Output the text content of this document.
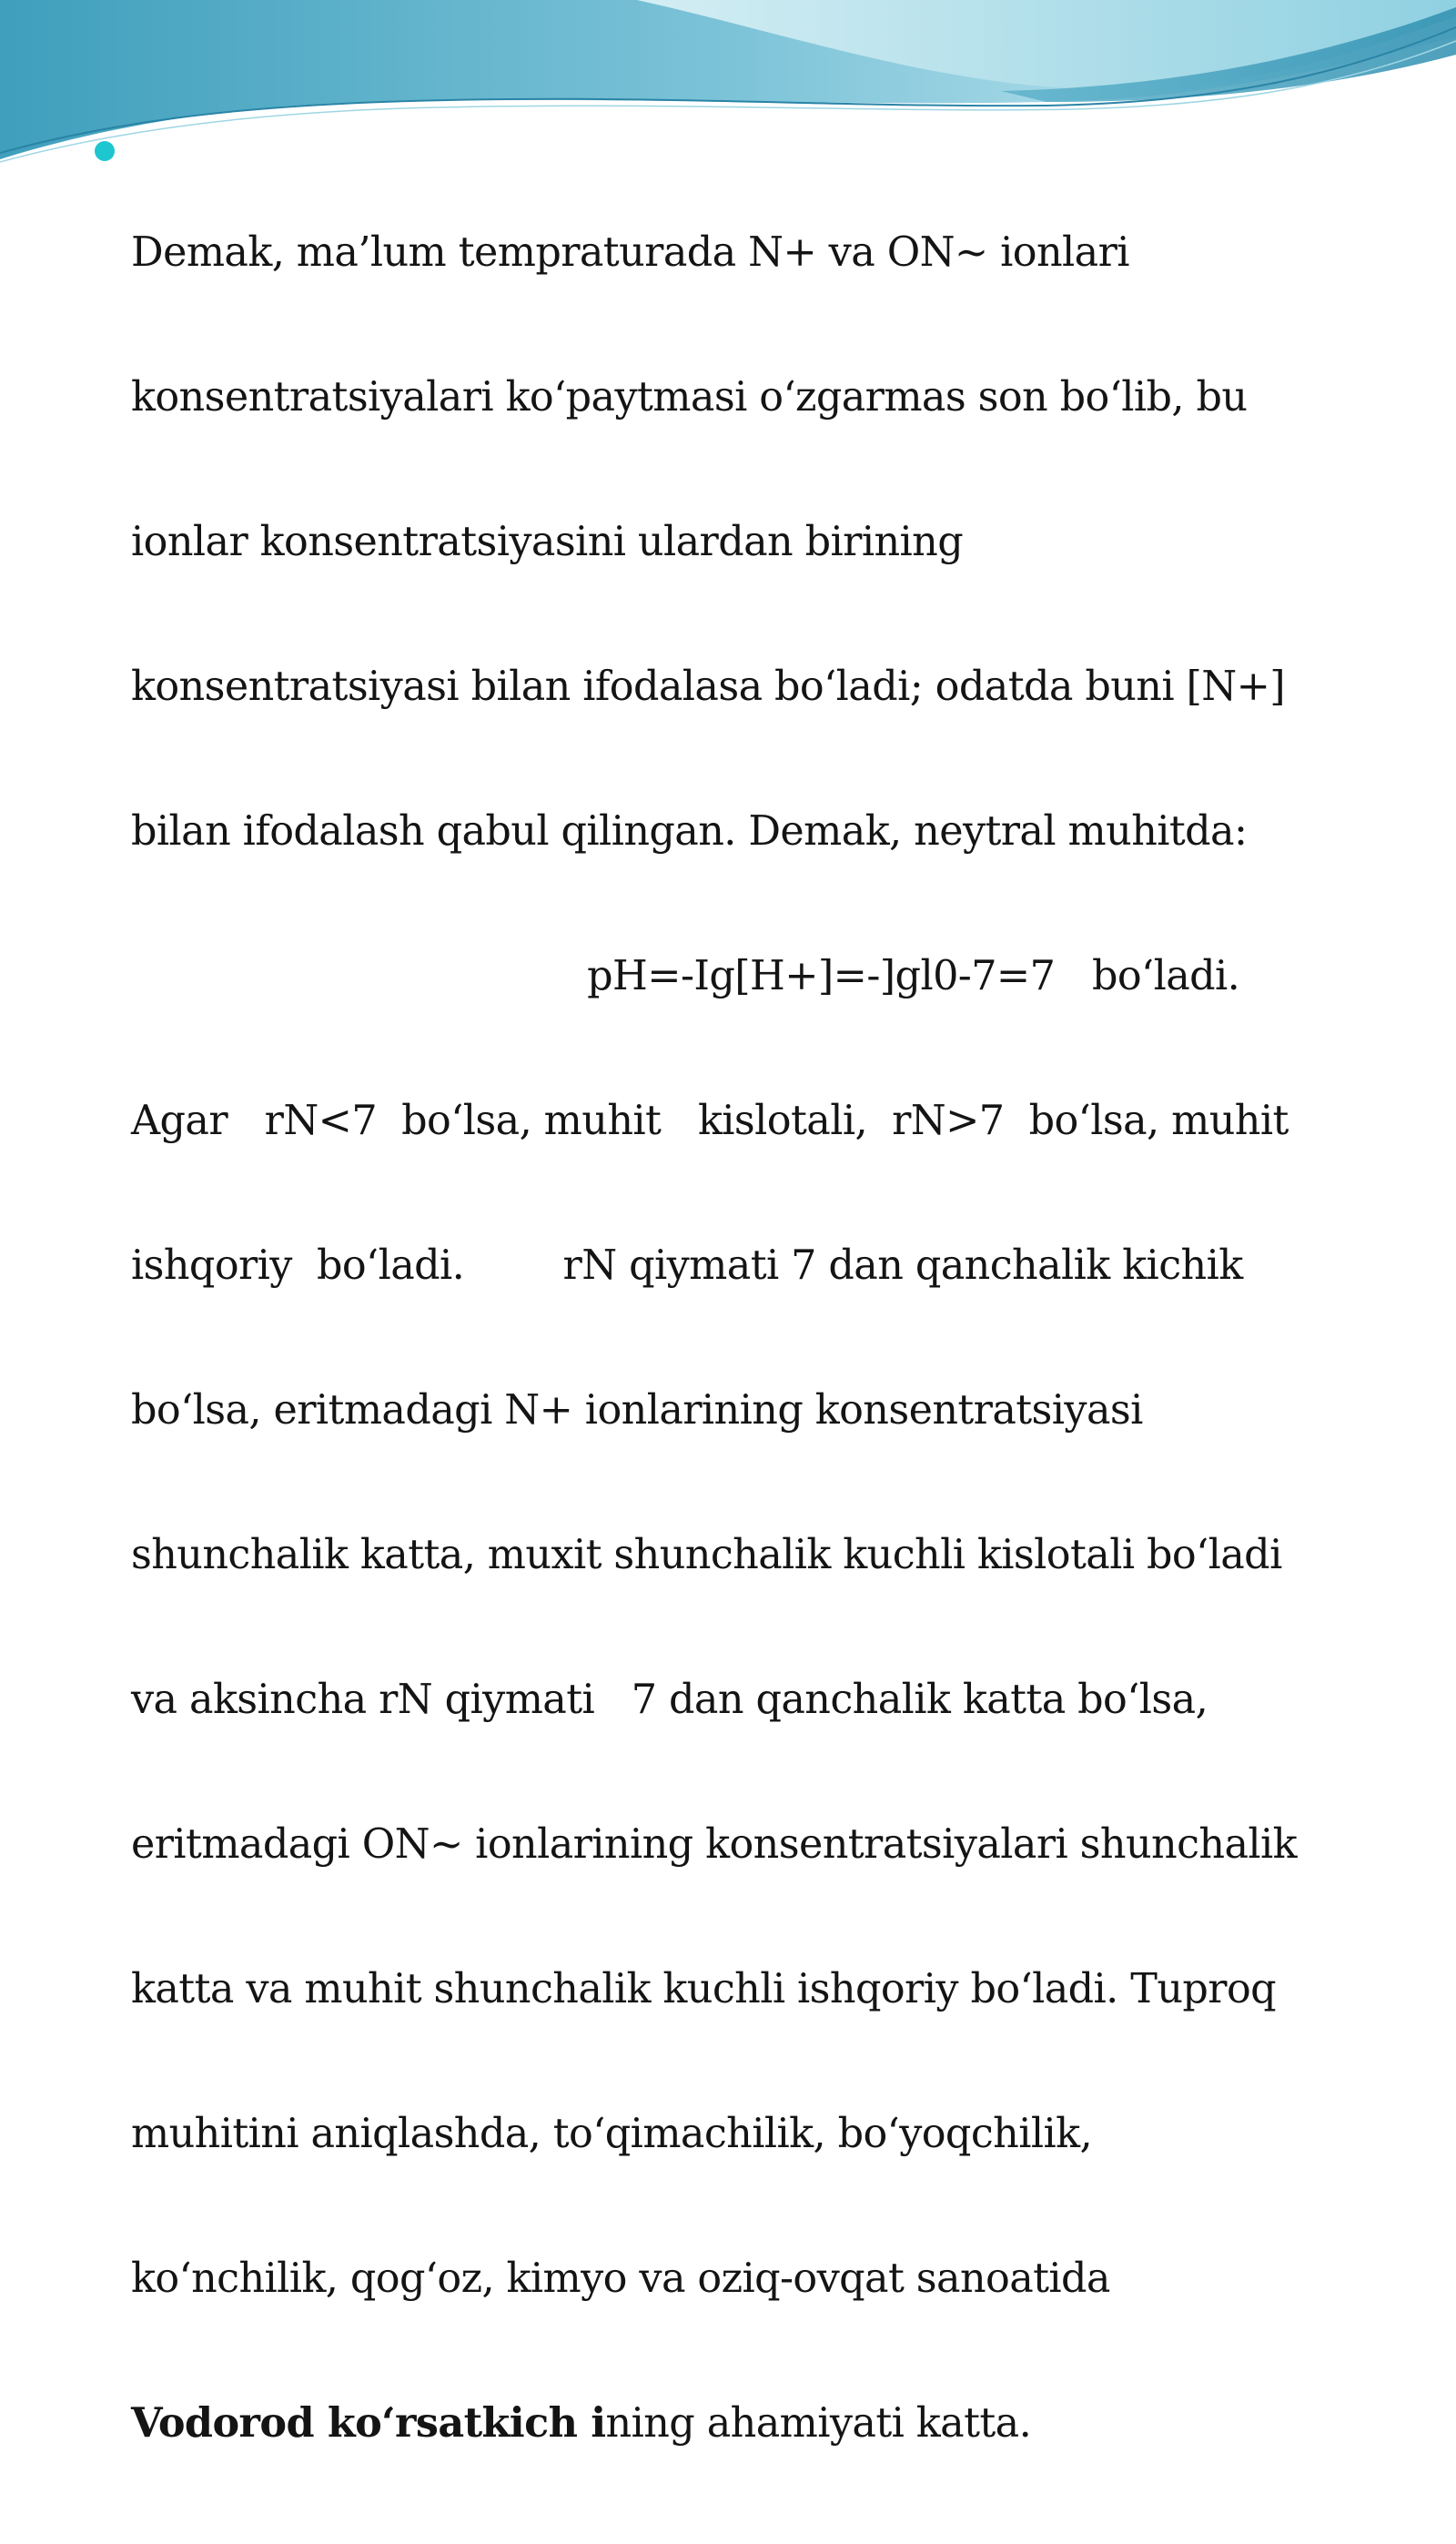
Demak, ma’lum tempraturada N+ va ON~ ionlari

konsentratsiyalari ko‘paytmasi o‘zgarmas son bo‘lib, bu

ionlar konsentratsiyasini ulardan birining

konsentratsiyasi bilan ifodalasa bo‘ladi; odatda buni [N+]

bilan ifodalash qabul qilingan. Demak, neytral muhitda:

pH=-Ig[H+]=-]gl0-7=7   bo‘ladi.

Agar   rN<7  bo‘lsa, muhit   kislotali,  rN>7  bo‘lsa, muhit

ishqoriy  bo‘ladi.        rN qiymati 7 dan qanchalik kichik

bo‘lsa, eritmadagi N+ ionlarining konsentratsiyasi

shunchalik katta, muxit shunchalik kuchli kislotali bo‘ladi

va aksincha rN qiymati   7 dan qanchalik katta bo‘lsa,

eritmadagi ON~ ionlarining konsentratsiyalari shunchalik

katta va muhit shunchalik kuchli ishqoriy bo‘ladi. Tuproq

muhitini aniqlashda, to‘qimachilik, bo‘yoqchilik,

ko‘nchilik, qog‘oz, kimyo va oziq-ovqat sanoatida

Vodorod ko‘rsatkich ining ahamiyati katta.
